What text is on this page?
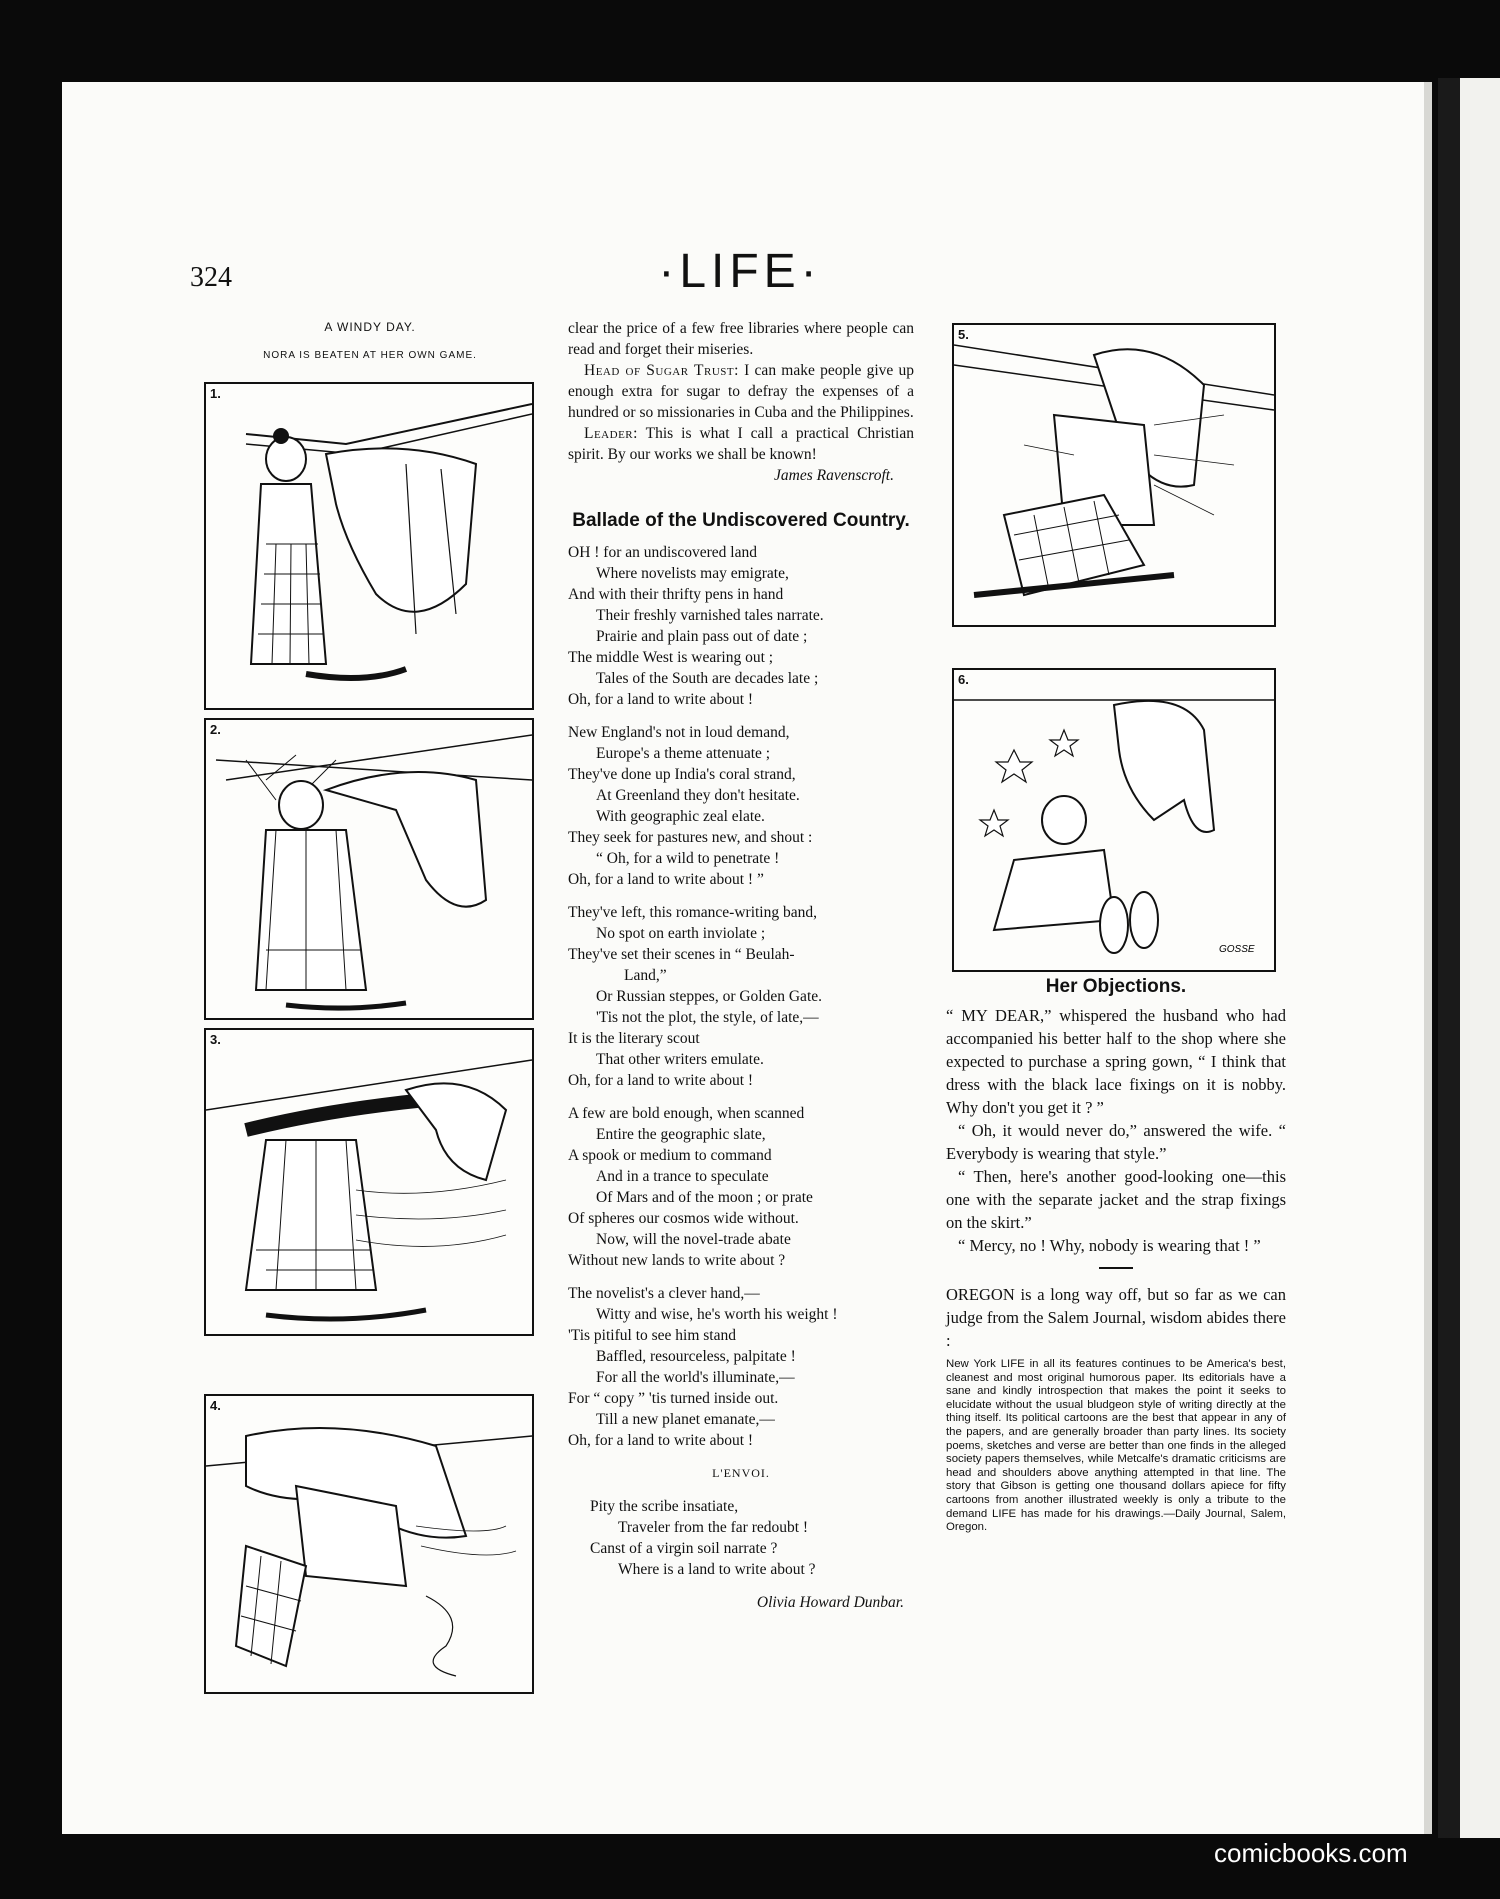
324	·LIFE·
A WINDY DAY.
NORA IS BEATEN AT HER OWN GAME.
1.
2.
3.
4.
5.
6.
GOSSE

clear the price of a few free libraries where people can read and forget their miseries.

Head of Sugar Trust: I can make people give up enough extra for sugar to defray the expenses of a hundred or so missionaries in Cuba and the Philippines.

Leader: This is what I call a practical Christian spirit. By our works we shall be known!

James Ravenscroft.

Ballade of the Undiscovered Country.

OH ! for an undiscovered land
Where novelists may emigrate,
And with their thrifty pens in hand
Their freshly varnished tales narrate.
Prairie and plain pass out of date ;
The middle West is wearing out ;
Tales of the South are decades late ;
Oh, for a land to write about !
New England's not in loud demand,
Europe's a theme attenuate ;
They've done up India's coral strand,
At Greenland they don't hesitate.
With geographic zeal elate.
They seek for pastures new, and shout :
“ Oh, for a wild to penetrate !
Oh, for a land to write about ! ”
They've left, this romance-writing band,
No spot on earth inviolate ;
They've set their scenes in “ Beulah-
Land,”
Or Russian steppes, or Golden Gate.
'Tis not the plot, the style, of late,—
It is the literary scout
That other writers emulate.
Oh, for a land to write about !
A few are bold enough, when scanned
Entire the geographic slate,
A spook or medium to command
And in a trance to speculate
Of Mars and of the moon ; or prate
Of spheres our cosmos wide without.
Now, will the novel-trade abate
Without new lands to write about ?
The novelist's a clever hand,—
Witty and wise, he's worth his weight !
'Tis pitiful to see him stand
Baffled, resourceless, palpitate !
For all the world's illuminate,—
For “ copy ” 'tis turned inside out.
Till a new planet emanate,—
Oh, for a land to write about !
L'ENVOI.
Pity the scribe insatiate,
Traveler from the far redoubt !
Canst of a virgin soil narrate ?
Where is a land to write about ?

Olivia Howard Dunbar.

Her Objections.

“ MY DEAR,” whispered the husband who had accompanied his better half to the shop where she expected to purchase a spring gown, “ I think that dress with the black lace fixings on it is nobby. Why don't you get it ? ”

“ Oh, it would never do,” answered the wife. “ Everybody is wearing that style.”

“ Then, here's another good-looking one—this one with the separate jacket and the strap fixings on the skirt.”

“ Mercy, no ! Why, nobody is wearing that ! ”

OREGON is a long way off, but so far as we can judge from the Salem Journal, wisdom abides there :

New York LIFE in all its features continues to be America's best, cleanest and most original humorous paper. Its editorials have a sane and kindly introspection that makes the point it seeks to elucidate without the usual bludgeon style of writing directly at the thing itself. Its political cartoons are the best that appear in any of the papers, and are generally broader than party lines. Its society poems, sketches and verse are better than one finds in the alleged society papers themselves, while Metcalfe's dramatic criticisms are head and shoulders above anything attempted in that line. The story that Gibson is getting one thousand dollars apiece for fifty cartoons from another illustrated weekly is only a tribute to the demand LIFE has made for his drawings.—Daily Journal, Salem, Oregon.

comicbooks.com
